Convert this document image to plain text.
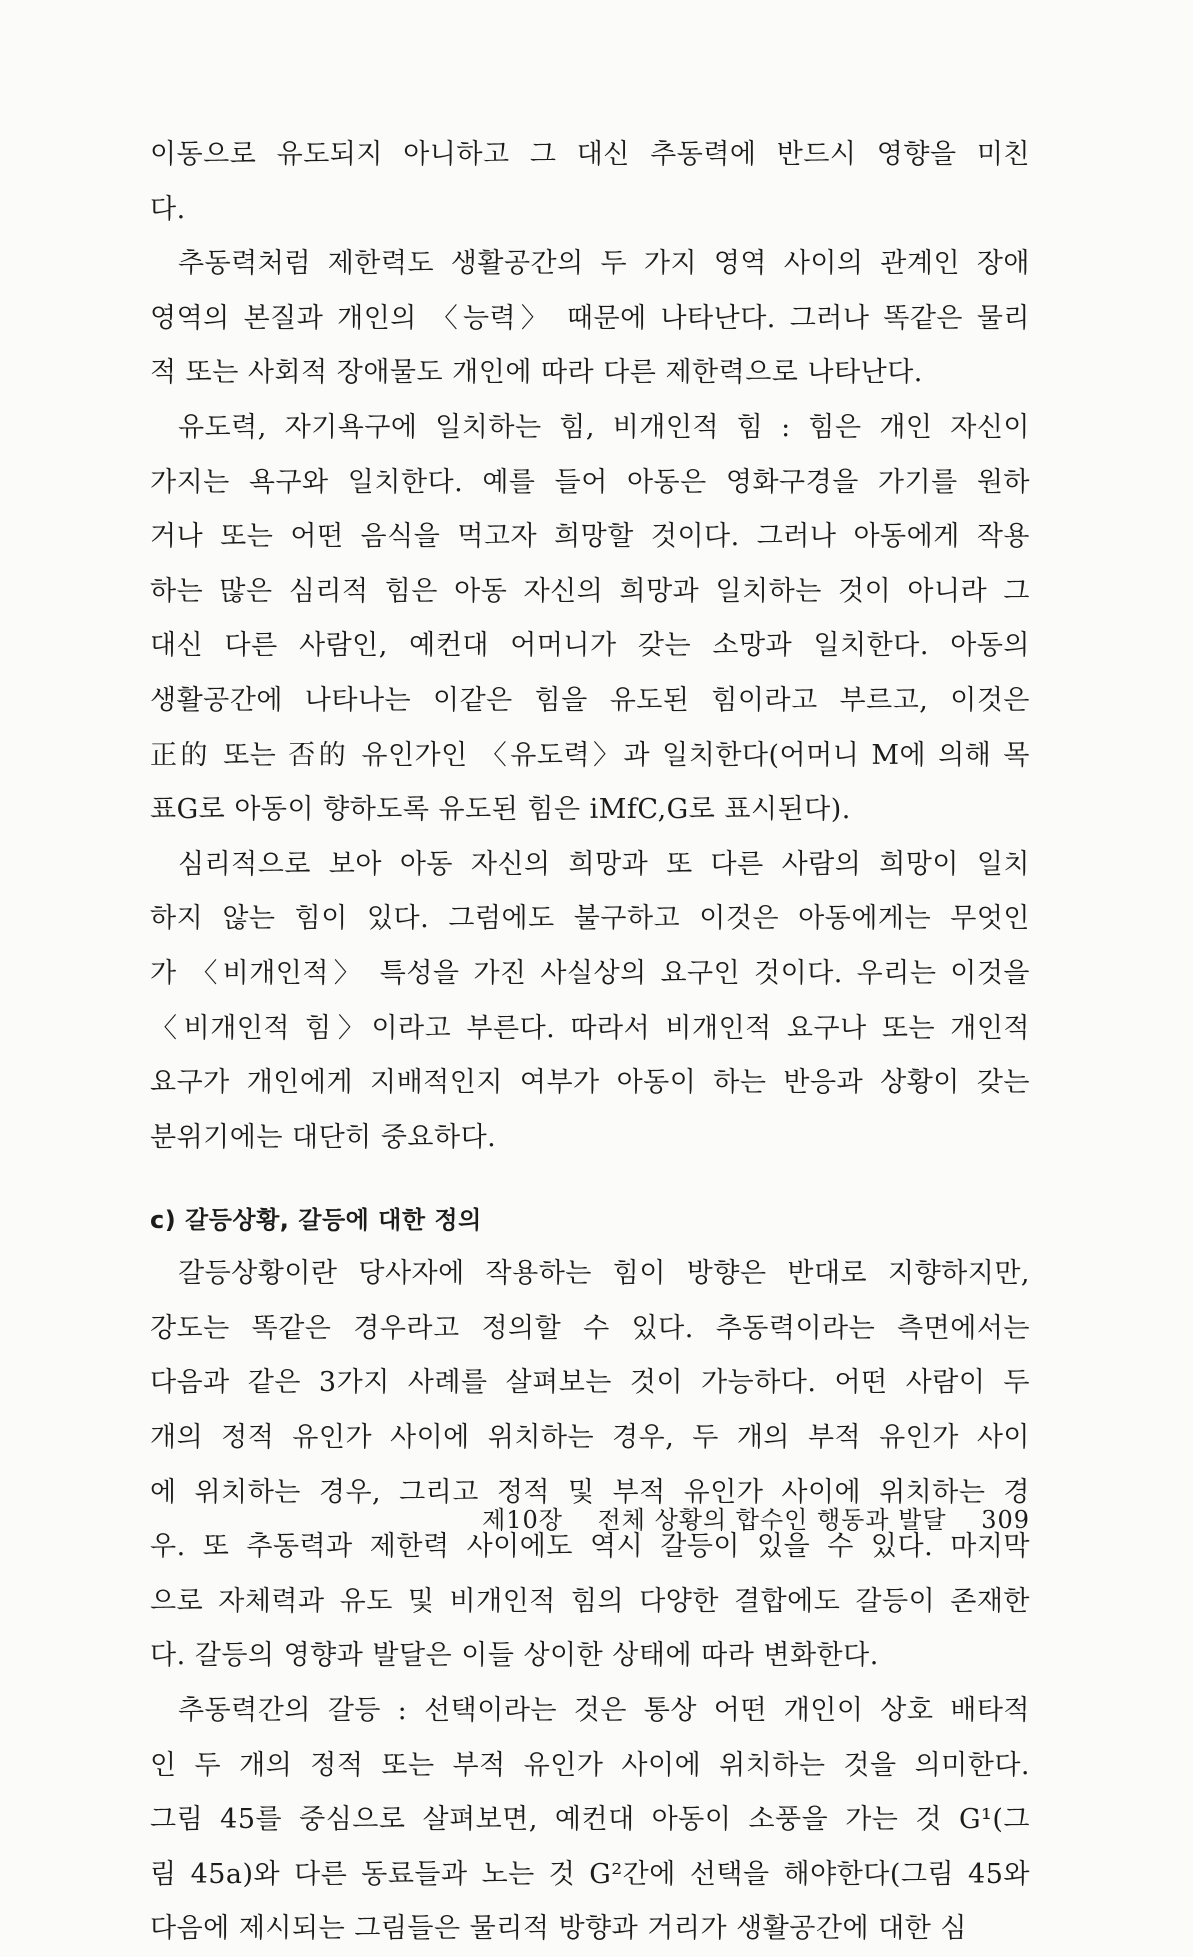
이동으로 유도되지 아니하고 그 대신 추동력에 반드시 영향을 미친

다.

추동력처럼 제한력도 생활공간의 두 가지 영역 사이의 관계인 장애

영역의 본질과 개인의 〈능력〉 때문에 나타난다. 그러나 똑같은 물리

적 또는 사회적 장애물도 개인에 따라 다른 제한력으로 나타난다.

유도력, 자기욕구에 일치하는 힘, 비개인적 힘 : 힘은 개인 자신이

가지는 욕구와 일치한다. 예를 들어 아동은 영화구경을 가기를 원하

거나 또는 어떤 음식을 먹고자 희망할 것이다. 그러나 아동에게 작용

하는 많은 심리적 힘은 아동 자신의 희망과 일치하는 것이 아니라 그

대신 다른 사람인, 예컨대 어머니가 갖는 소망과 일치한다. 아동의

생활공간에 나타나는 이같은 힘을 유도된 힘이라고 부르고, 이것은

正的 또는 否的 유인가인 〈유도력〉과 일치한다(어머니 M에 의해 목

표G로 아동이 향하도록 유도된 힘은 iMfC,G로 표시된다).

심리적으로 보아 아동 자신의 희망과 또 다른 사람의 희망이 일치

하지 않는 힘이 있다. 그럼에도 불구하고 이것은 아동에게는 무엇인

가 〈비개인적〉 특성을 가진 사실상의 요구인 것이다. 우리는 이것을

〈비개인적 힘〉이라고 부른다. 따라서 비개인적 요구나 또는 개인적

요구가 개인에게 지배적인지 여부가 아동이 하는 반응과 상황이 갖는

분위기에는 대단히 중요하다.

c) 갈등상황, 갈등에 대한 정의

갈등상황이란 당사자에 작용하는 힘이 방향은 반대로 지향하지만,

강도는 똑같은 경우라고 정의할 수 있다. 추동력이라는 측면에서는

다음과 같은 3가지 사례를 살펴보는 것이 가능하다. 어떤 사람이 두

개의 정적 유인가 사이에 위치하는 경우, 두 개의 부적 유인가 사이

에 위치하는 경우, 그리고 정적 및 부적 유인가 사이에 위치하는 경

우. 또 추동력과 제한력 사이에도 역시 갈등이 있을 수 있다. 마지막

으로 자체력과 유도 및 비개인적 힘의 다양한 결합에도 갈등이 존재한

다. 갈등의 영향과 발달은 이들 상이한 상태에 따라 변화한다.

추동력간의 갈등 : 선택이라는 것은 통상 어떤 개인이 상호 배타적

인 두 개의 정적 또는 부적 유인가 사이에 위치하는 것을 의미한다.

그림 45를 중심으로 살펴보면, 예컨대 아동이 소풍을 가는 것 G¹(그

림 45a)와 다른 동료들과 노는 것 G²간에 선택을 해야한다(그림 45와

다음에 제시되는 그림들은 물리적 방향과 거리가 생활공간에 대한 심

제10장 전체 상황의 합수인 행동과 발달 309
